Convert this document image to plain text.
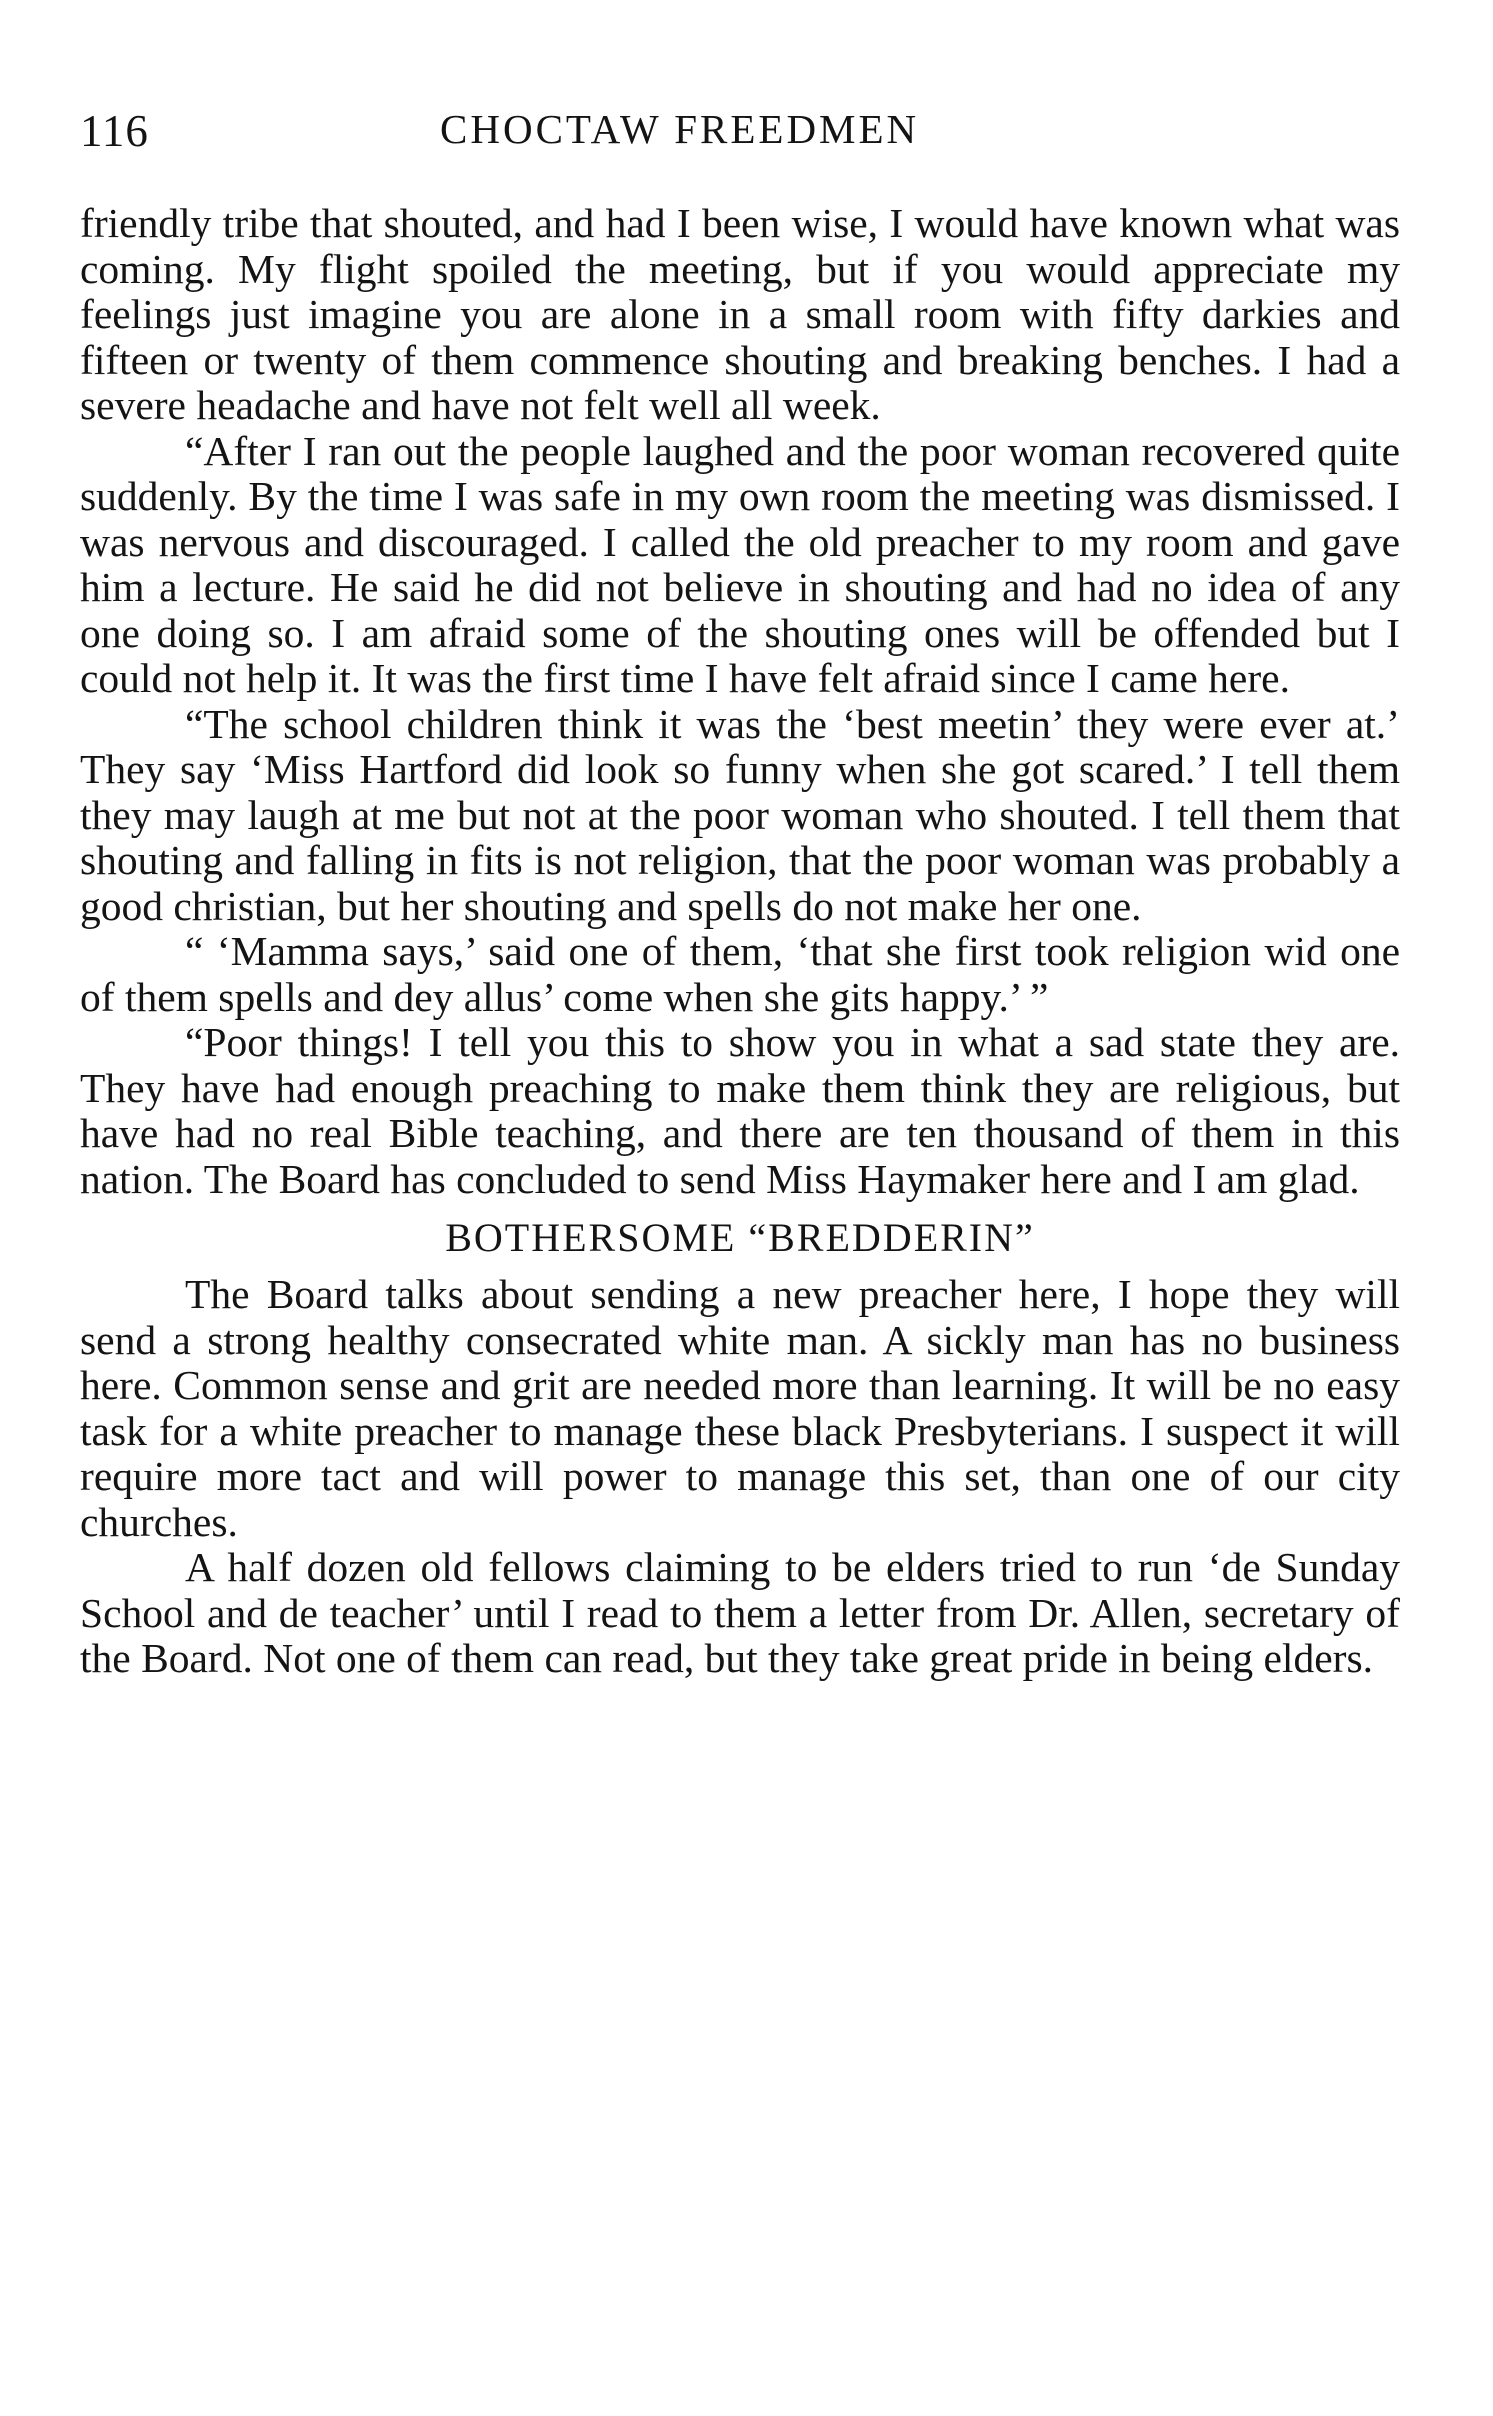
116	CHOCTAW FREEDMEN

friendly tribe that shouted, and had I been wise, I would have known what was coming. My flight spoiled the meeting, but if you would appreciate my feelings just imagine you are alone in a small room with fifty darkies and fifteen or twenty of them commence shouting and breaking benches. I had a severe headache and have not felt well all week.

“After I ran out the people laughed and the poor woman recovered quite suddenly. By the time I was safe in my own room the meeting was dismissed. I was nervous and discouraged. I called the old preacher to my room and gave him a lecture. He said he did not believe in shouting and had no idea of any one doing so. I am afraid some of the shouting ones will be offended but I could not help it. It was the first time I have felt afraid since I came here.

“The school children think it was the ‘best meetin’ they were ever at.’ They say ‘Miss Hartford did look so funny when she got scared.’ I tell them they may laugh at me but not at the poor woman who shouted. I tell them that shouting and falling in fits is not religion, that the poor woman was probably a good christian, but her shouting and spells do not make her one.

“ ‘Mamma says,’ said one of them, ‘that she first took religion wid one of them spells and dey allus’ come when she gits happy.’ ”

“Poor things! I tell you this to show you in what a sad state they are. They have had enough preaching to make them think they are religious, but have had no real Bible teaching, and there are ten thousand of them in this nation. The Board has concluded to send Miss Haymaker here and I am glad.

BOTHERSOME “BREDDERIN”

The Board talks about sending a new preacher here, I hope they will send a strong healthy consecrated white man. A sickly man has no business here. Common sense and grit are needed more than learning. It will be no easy task for a white preacher to manage these black Presbyterians. I suspect it will require more tact and will power to manage this set, than one of our city churches.

A half dozen old fellows claiming to be elders tried to run ‘de Sunday School and de teacher’ until I read to them a letter from Dr. Allen, secretary of the Board. Not one of them can read, but they take great pride in being elders.
